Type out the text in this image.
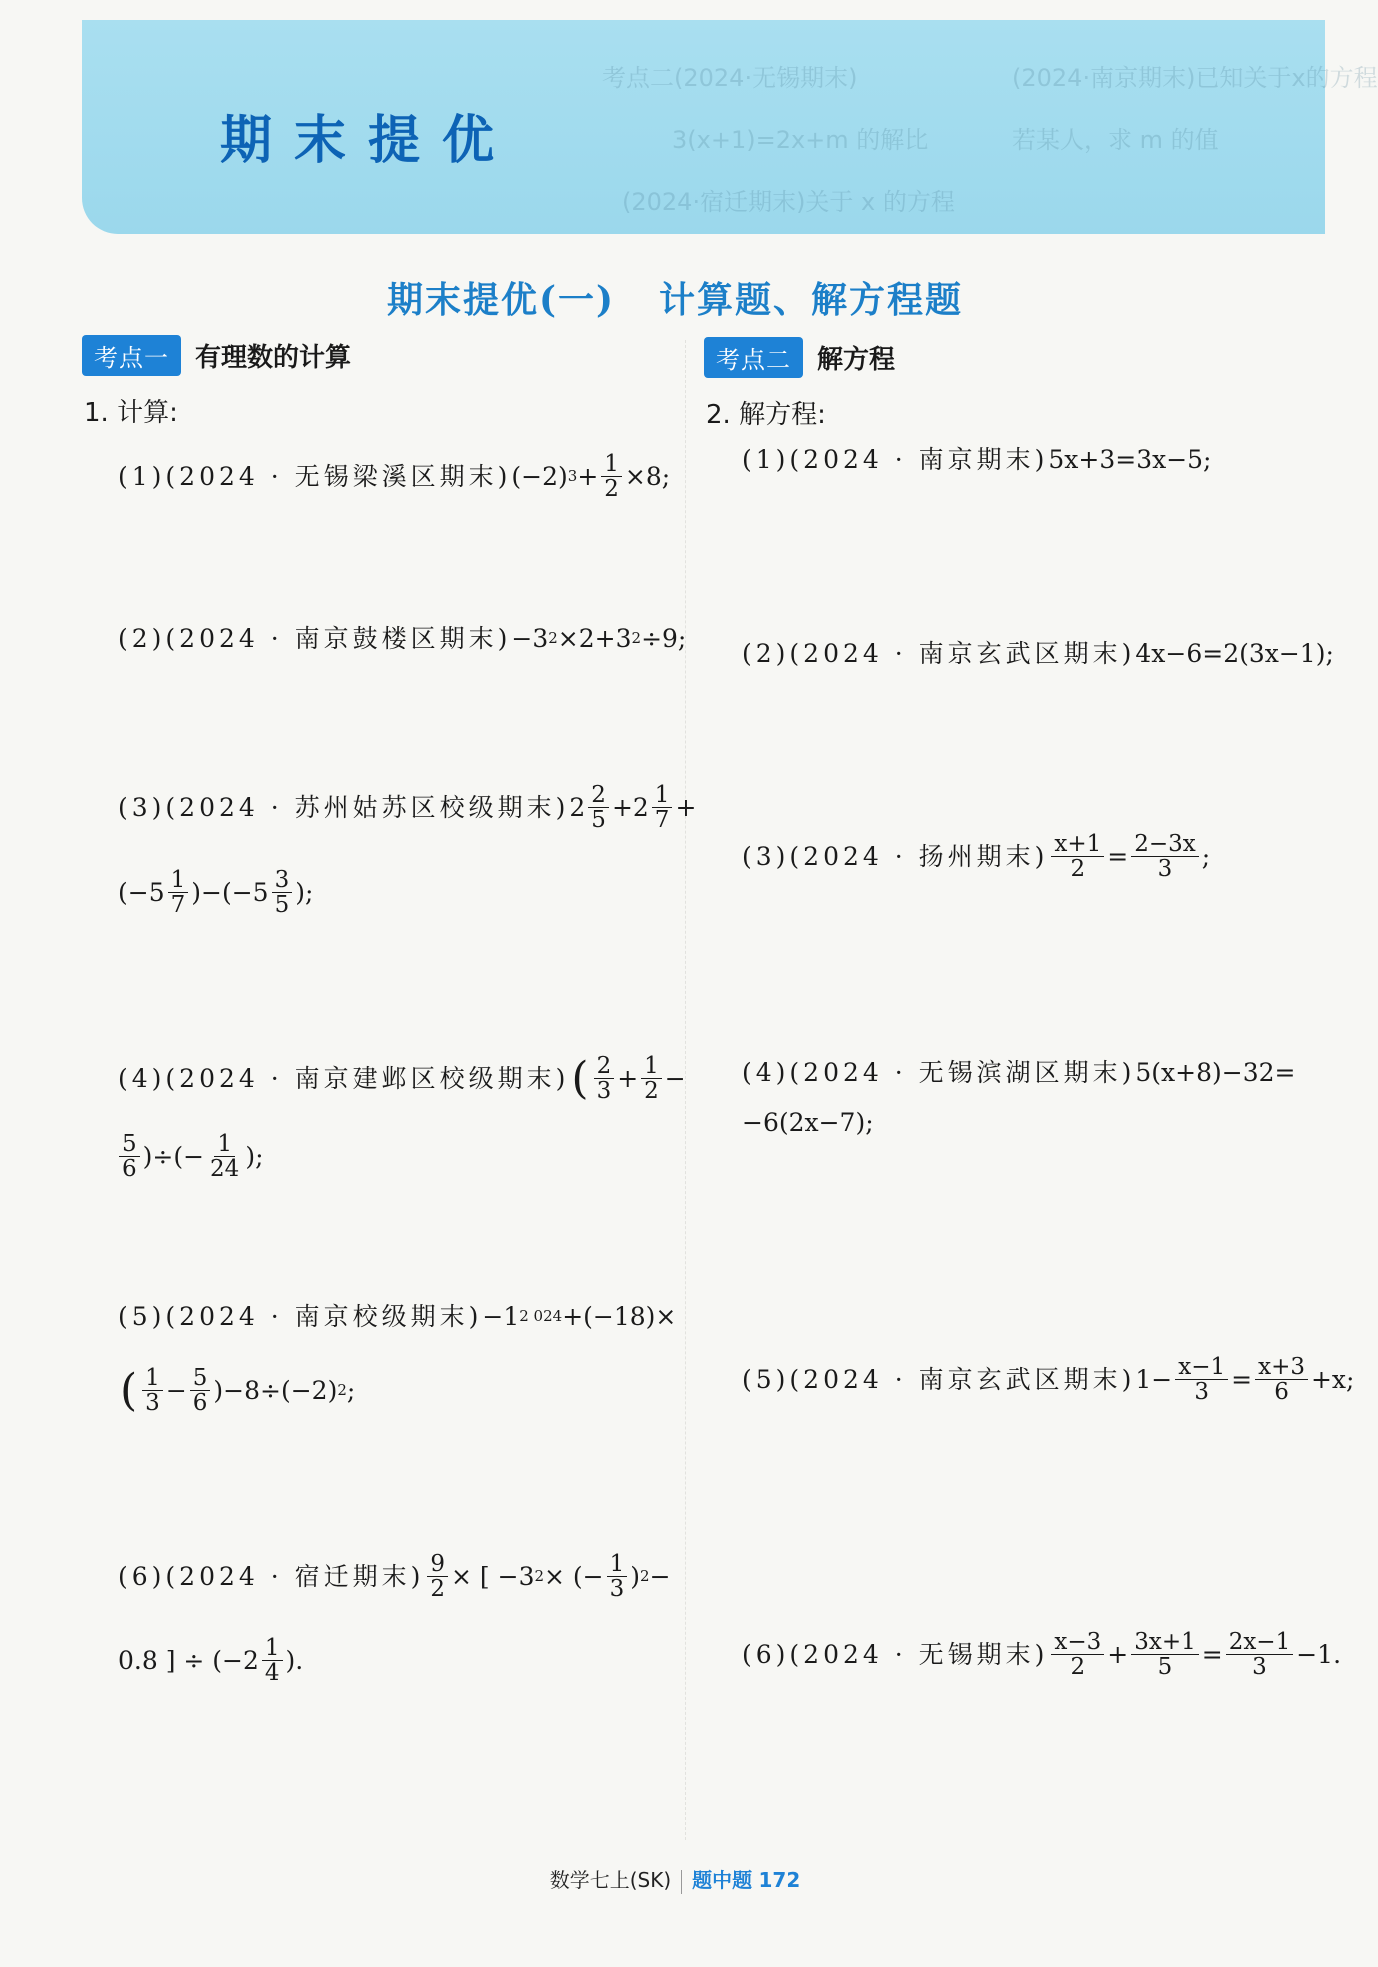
考点二(2024·无锡期末)	(2024·南京期末)已知关于x的方程
3(x+1)=2x+m 的解比	若某人，求 m 的值
(2024·宿迁期末)关于 x 的方程
期末提优
期末提优(一) 计算题、解方程题
考点一	有理数的计算
1. 计算:
(1)(2024 · 无锡梁溪区期末) (−2) $3 + \frac{1}{2} \times 8$;
(2)(2024 · 南京鼓楼区期末) −3 2 ×2+3 2 ÷9;
(3)(2024 · 苏州姑苏区校级期末) $2 \frac{2}{5} +2 \frac{1}{7}$ +
$(-5 \frac{1}{7} )-(-5 \frac{3}{5}$ );
(4)(2024 · 南京建邺区校级期末) ( $\frac{2}{3} + \frac{1}{2}$ −
$\frac{5}{6}$ )÷(− $\frac{1}{24}$ );
(5)(2024 · 南京校级期末) −1 2 024 +(−18)×
( $\frac{1}{3} - \frac{5}{6} )-8\div(-2)$ 2 ;
(6)(2024 · 宿迁期末) $\frac{9}{2}$ × [ −3 2 × (− $\frac{1}{3}$ ) 2 −
0.8 ] ÷ ($-2 \frac{1}{4}$ ).
考点二	解方程
2. 解方程:
(1)(2024 · 南京期末) 5x+3=3x−5;
(2)(2024 · 南京玄武区期末) 4x−6=2(3x−1);
(3)(2024 · 扬州期末) $\frac{x+1}{2} = \frac{2-3x}{3}$ ;
(4)(2024 · 无锡滨湖区期末) 5(x+8)−32=
−6(2x−7);
(5)(2024 · 南京玄武区期末) $1- \frac{x-1}{3} = \frac{x+3}{6} +x$;
(6)(2024 · 无锡期末) $\frac{x-3}{2} + \frac{3x+1}{5} = \frac{2x-1}{3} -1$.
数学七上(SK) 题中题 172
